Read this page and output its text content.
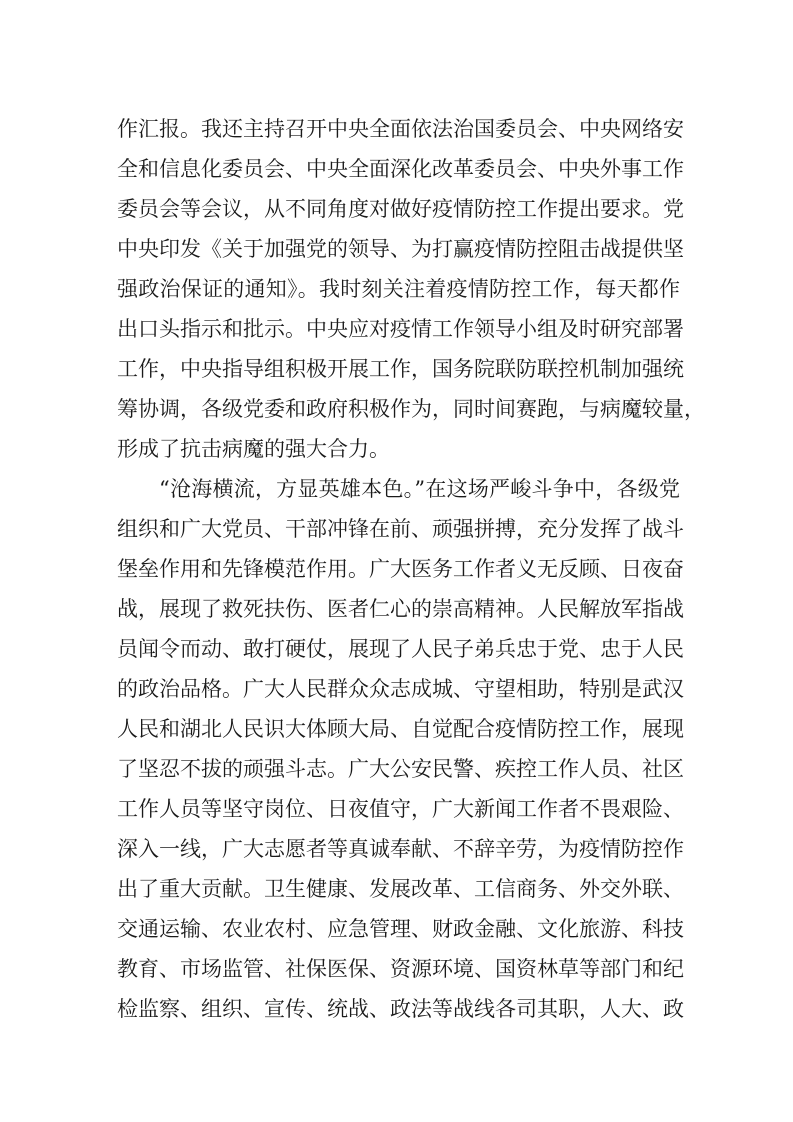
作汇报。我还主持召开中央全面依法治国委员会、中央网络安
全和信息化委员会、中央全面深化改革委员会、中央外事工作
委员会等会议，从不同角度对做好疫情防控工作提出要求。党
中央印发《关于加强党的领导、为打赢疫情防控阻击战提供坚
强政治保证的通知》。我时刻关注着疫情防控工作，每天都作
出口头指示和批示。中央应对疫情工作领导小组及时研究部署
工作，中央指导组积极开展工作，国务院联防联控机制加强统
筹协调，各级党委和政府积极作为，同时间赛跑，与病魔较量，
形成了抗击病魔的强大合力。
“沧海横流，方显英雄本色。”在这场严峻斗争中，各级党
组织和广大党员、干部冲锋在前、顽强拼搏，充分发挥了战斗
堡垒作用和先锋模范作用。广大医务工作者义无反顾、日夜奋
战，展现了救死扶伤、医者仁心的崇高精神。人民解放军指战
员闻令而动、敢打硬仗，展现了人民子弟兵忠于党、忠于人民
的政治品格。广大人民群众众志成城、守望相助，特别是武汉
人民和湖北人民识大体顾大局、自觉配合疫情防控工作，展现
了坚忍不拔的顽强斗志。广大公安民警、疾控工作人员、社区
工作人员等坚守岗位、日夜值守，广大新闻工作者不畏艰险、
深入一线，广大志愿者等真诚奉献、不辞辛劳，为疫情防控作
出了重大贡献。卫生健康、发展改革、工信商务、外交外联、
交通运输、农业农村、应急管理、财政金融、文化旅游、科技
教育、市场监管、社保医保、资源环境、国资林草等部门和纪
检监察、组织、宣传、统战、政法等战线各司其职，人大、政
